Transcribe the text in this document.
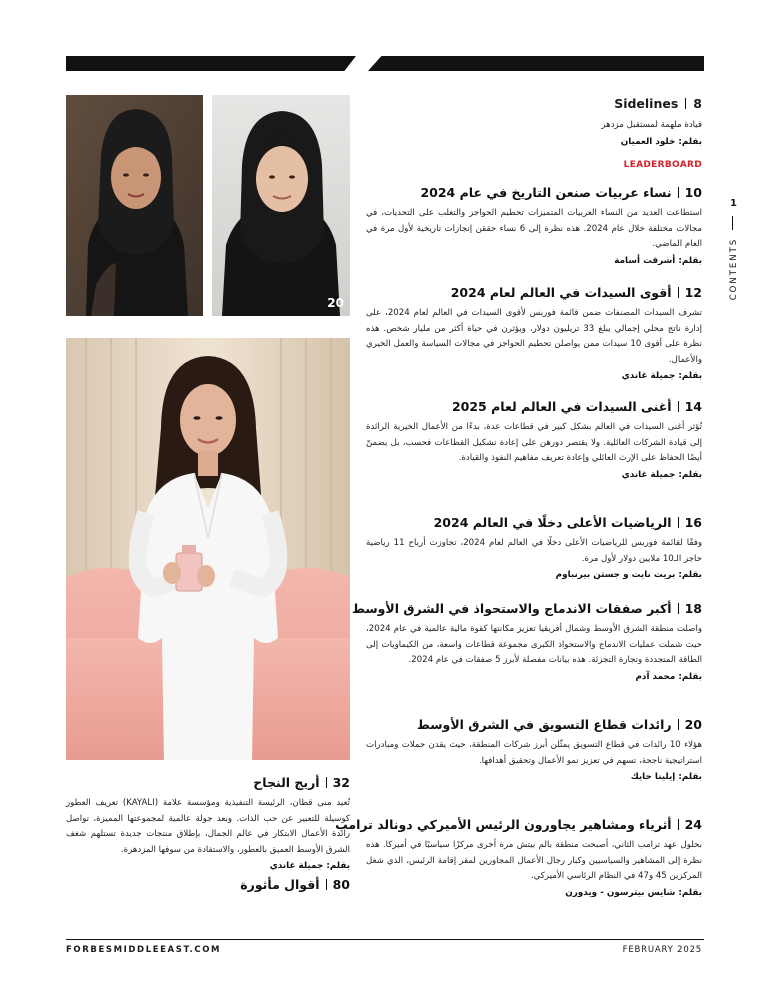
20
1
CONTENTS
Sidelines 8
قيادة ملهمة لمستقبل مزدهر
بقلم: خلود العميان
LEADERBOARD
10نساء عربيات صنعن التاريخ في عام 2024
استطاعت العديد من النساء العربيات المتميزات تحطيم الحواجز والتغلب على التحديات، في مجالات مختلفة خلال عام 2024. هذه نظرة إلى 6 نساء حققن إنجازات تاريخية لأول مرة في العام الماضي.
بقلم: أشرقت أسامة
12أقوى السيدات في العالم لعام 2024
تشرف السيدات المصنفات ضمن قائمة فوربس لأقوى السيدات في العالم لعام 2024، على إدارة ناتج محلي إجمالي يبلغ 33 تريليون دولار، ويؤثرن في حياة أكثر من مليار شخص. هذه نظرة على أقوى 10 سيدات ممن يواصلن تحطيم الحواجز في مجالات السياسة والعمل الخيري والأعمال.
بقلم: جميلة غاندي
14أغنى السيدات في العالم لعام 2025
تُؤثر أغنى السيدات في العالم بشكل كبير في قطاعات عدة، بدءًا من الأعمال الخيرية الرائدة إلى قيادة الشركات العائلية. ولا يقتصر دورهن على إعادة تشكيل القطاعات فحسب، بل يضمنّ أيضًا الحفاظ على الإرث العائلي وإعادة تعريف مفاهيم النفوذ والقيادة.
بقلم: جميلة غاندي
16الرياضيات الأعلى دخلًا في العالم 2024
وفقًا لقائمة فوربس للرياضيات الأعلى دخلًا في العالم لعام 2024، تجاوزت أرباح 11 رياضية حاجز الـ10 ملايين دولار لأول مرة.
بقلم: بريت نايت و جستن بيرنباوم
18أكبر صفقات الاندماج والاستحواذ في الشرق الأوسط
واصلت منطقة الشرق الأوسط وشمال أفريقيا تعزيز مكانتها كقوة مالية عالمية في عام 2024، حيث شملت عمليات الاندماج والاستحواذ الكبرى مجموعة قطاعات واسعة، من الكيماويات إلى الطاقة المتجددة وتجارة التجزئة. هذه بيانات مفصلة لأبرز 5 صفقات في عام 2024.
بقلم: محمد آدم
20رائدات قطاع التسويق في الشرق الأوسط
هؤلاء 10 رائدات في قطاع التسويق يمثّلن أبرز شركات المنطقة، حيث يقدن حملات ومبادرات استراتيجية ناجحة، تسهم في تعزيز نمو الأعمال وتحقيق أهدافها.
بقلم: إيلينا حايك
24أثرياء ومشاهير يجاورون الرئيس الأميركي دونالد ترامب
بحلول عهد ترامب الثاني، أصبحت منطقة بالم بيتش مرة أخرى مركزًا سياسيًا في أميركا. هذه نظرة إلى المشاهير والسياسيين وكبار رجال الأعمال المجاورين لمقر إقامة الرئيس، الذي شغل المركزين 45 و47 في النظام الرئاسي الأميركي.
بقلم: شايس بيترسون - ويدورن
32أريج النجاح
تُعيد منى قطان، الرئيسة التنفيذية ومؤسسة علامة (KAYALI) تعريف العطور كوسيلة للتعبير عن حب الذات. وبعد جولة عالمية لمجموعتها المميزة، تواصل رائدة الأعمال الابتكار في عالم الجمال، بإطلاق منتجات جديدة تستلهم شغف الشرق الأوسط العميق بالعطور، والاستفادة من سوقها المزدهرة.
بقلم: جميلة غاندي
80أقوال مأثورة
FORBESMIDDLEEAST.COM	FEBRUARY 2025
